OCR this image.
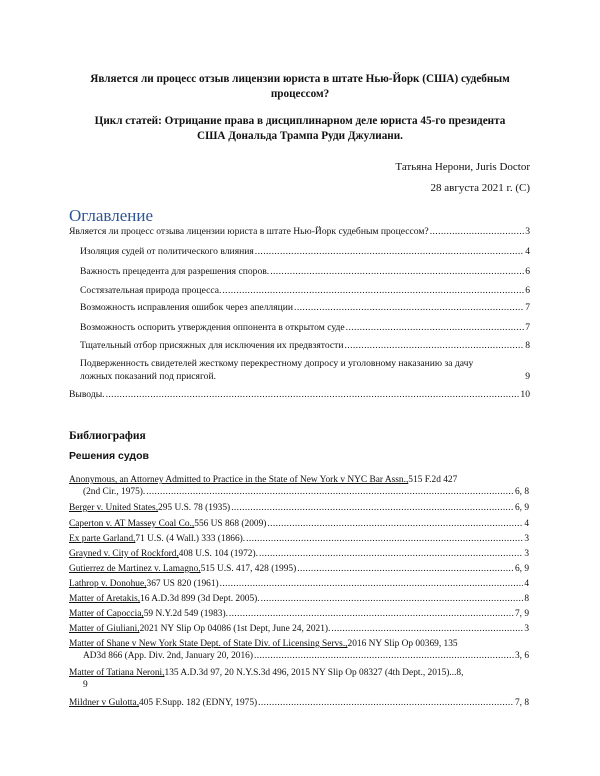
Является ли процесс отзыв лицензии юриста в штате Нью-Йорк (США) судебным
процессом?
Цикл статей: Отрицание права в дисциплинарном деле юриста 45-го президента
США Дональда Трампа Руди Джулиани.
Татьяна Нерони, Juris Doctor
28 августа 2021 г. (C)
Оглавление
Является ли процесс отзыва лицензии юриста в штате Нью-Йорк судебным процессом? .....	3
Изоляция судей от политического влияния .....	4
Важность прецедента для разрешения споров. .....	6
Состязательная природа процесса. .....	6
Возможность исправления ошибок через апелляции .....	7
Возможность оспорить утверждения оппонента в открытом суде .....	7
Тщательный отбор присяжных для исключения их предвзятости .....	8
Подверженность свидетелей жесткому перекрестному допросу и уголовному наказанию за дачу
ложных показаний под присягой.	9
Выводы. .....	10
Библиография
Решения судов
Anonymous, an Attorney Admitted to Practice in the State of New York v NYC Bar Assn., 515 F.2d 427
(2nd Cir., 1975). .....	6, 8
Berger v. United States, 295 U.S. 78 (1935) .....	6, 9
Caperton v. AT Massey Coal Co., 556 US 868 (2009) .....	4
Ex parte Garland, 71 U.S. (4 Wall.) 333 (1866). .....	3
Grayned v. City of Rockford, 408 U.S. 104 (1972). .....	3
Gutierrez de Martinez v. Lamagno, 515 U.S. 417, 428 (1995) .....	6, 9
Lathrop v. Donohue, 367 US 820 (1961) .....	4
Matter of Aretakis, 16 A.D.3d 899 (3d Dept. 2005). .....	8
Matter of Capoccia, 59 N.Y.2d 549 (1983). .....	7, 9
Matter of Giuliani, 2021 NY Slip Op 04086 (1st Dept, June 24, 2021). .....	3
Matter of Shane v New York State Dept. of State Div. of Licensing Servs., 2016 NY Slip Op 00369, 135
AD3d 866 (App. Div. 2nd, January 20, 2016) .....	3, 6
Matter of Tatiana Neroni, 135 A.D.3d 97, 20 N.Y.S.3d 496, 2015 NY Slip Op 08327 (4th Dept., 2015)...8,
9
Mildner v Gulotta, 405 F.Supp. 182 (EDNY, 1975) .....	7, 8
